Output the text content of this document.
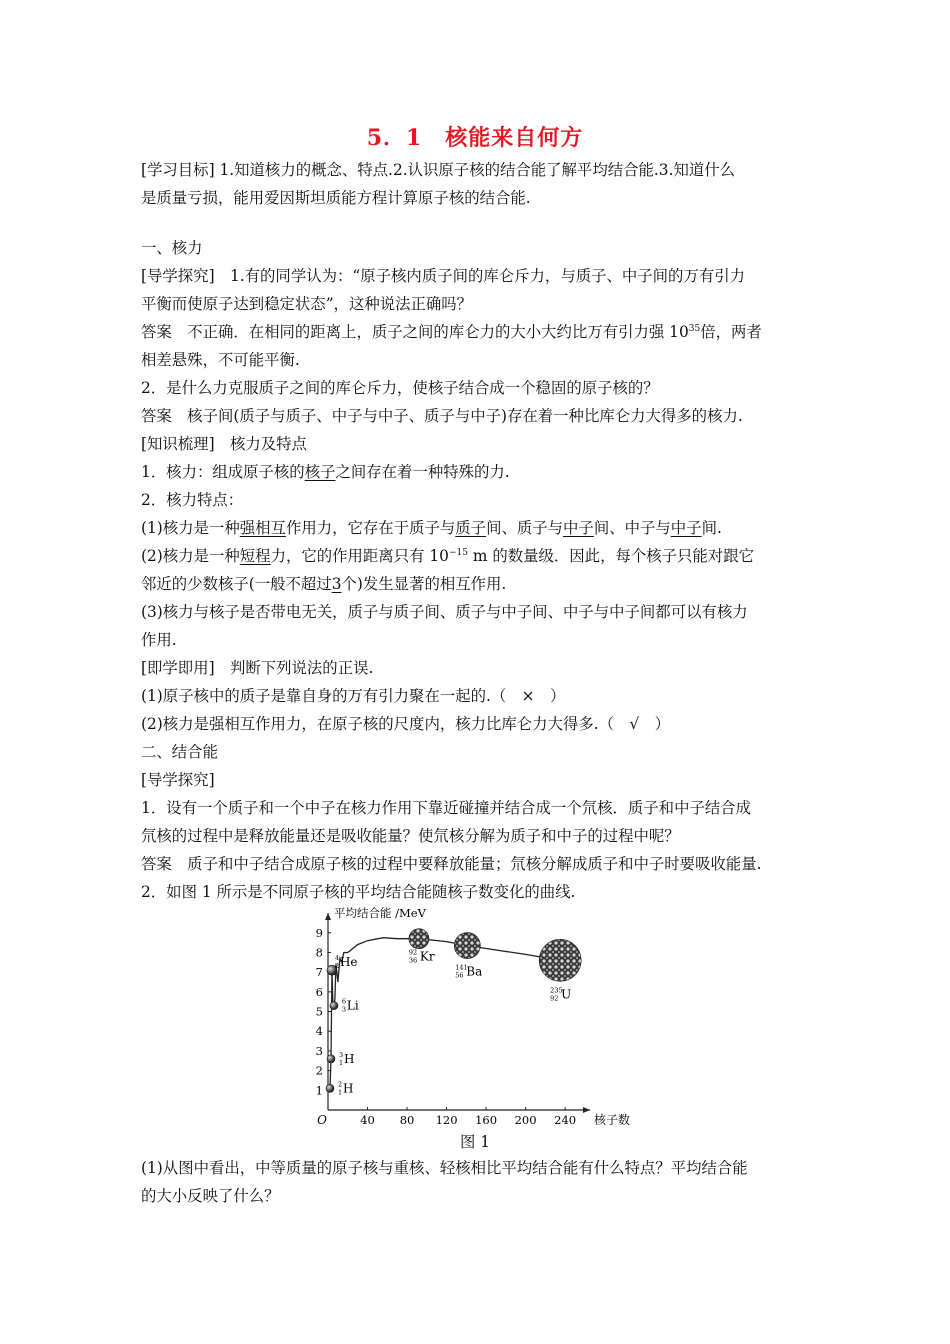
5．1　核能来自何方
[学习目标] 1.知道核力的概念、特点.2.认识原子核的结合能了解平均结合能.3.知道什么
是质量亏损，能用爱因斯坦质能方程计算原子核的结合能.
一、核力
[导学探究]　1.有的同学认为：“原子核内质子间的库仑斥力，与质子、中子间的万有引力
平衡而使原子达到稳定状态”，这种说法正确吗？
答案　不正确．在相同的距离上，质子之间的库仑力的大小大约比万有引力强 $10^{35}$倍，两者
相差悬殊，不可能平衡.
2．是什么力克服质子之间的库仑斥力，使核子结合成一个稳固的原子核的？
答案　核子间(质子与质子、中子与中子、质子与中子)存在着一种比库仑力大得多的核力.
[知识梳理]　核力及特点
1．核力：组成原子核的核子之间存在着一种特殊的力.
2．核力特点：
(1)核力是一种强相互作用力，它存在于质子与质子间、质子与中子间、中子与中子间.
(2)核力是一种短程力，它的作用距离只有 $10^{-15}$ m 的数量级．因此，每个核子只能对跟它
邻近的少数核子(一般不超过3个)发生显著的相互作用.
(3)核力与核子是否带电无关，质子与质子间、质子与中子间、中子与中子间都可以有核力
作用.
[即学即用]　判断下列说法的正误.
(1)原子核中的质子是靠自身的万有引力聚在一起的.（　×　）
(2)核力是强相互作用力，在原子核的尺度内，核力比库仑力大得多.（　√　）
二、结合能
[导学探究]
1．设有一个质子和一个中子在核力作用下靠近碰撞并结合成一个氘核．质子和中子结合成
氘核的过程中是释放能量还是吸收能量？使氘核分解为质子和中子的过程中呢？
答案　质子和中子结合成原子核的过程中要释放能量；氘核分解成质子和中子时要吸收能量.
2．如图 1 所示是不同原子核的平均结合能随核子数变化的曲线.
40 80 120 160 200 240
1
2
3
4
5
6
7
8
9
2
1 H
3
1 H
6
3 Li
4
2 He
92
36 Kr
141
56 Ba
235
92 U
平均结合能 /MeV
核子数
O
图 1
(1)从图中看出，中等质量的原子核与重核、轻核相比平均结合能有什么特点？平均结合能
的大小反映了什么？
